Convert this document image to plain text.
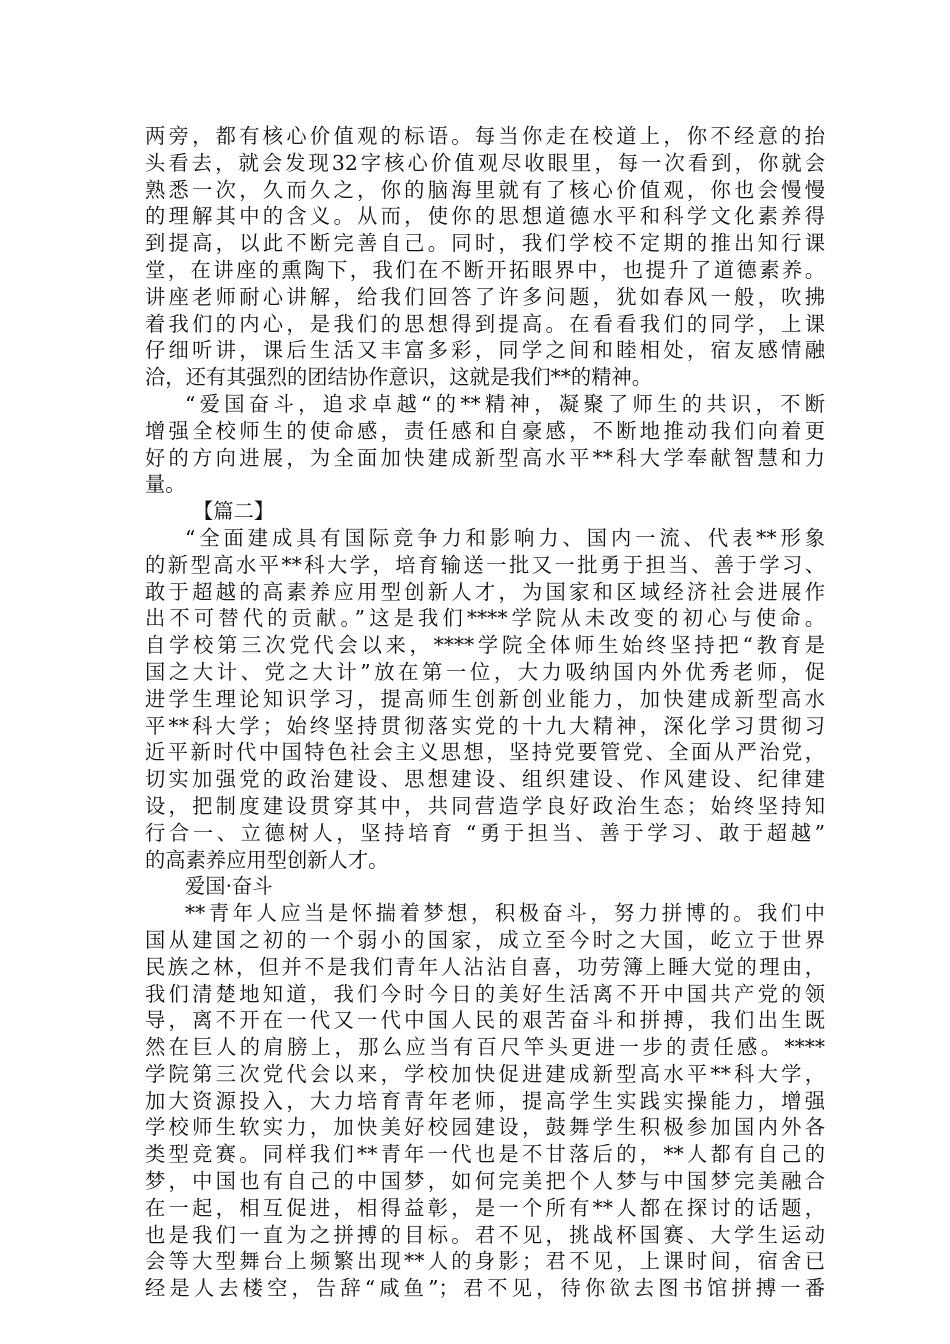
两旁，都有核心价值观的标语。每当你走在校道上，你不经意的抬
头看去，就会发现32字核心价值观尽收眼里，每一次看到，你就会
熟悉一次，久而久之，你的脑海里就有了核心价值观，你也会慢慢
的理解其中的含义。从而，使你的思想道德水平和科学文化素养得
到提高，以此不断完善自己。同时，我们学校不定期的推出知行课
堂，在讲座的熏陶下，我们在不断开拓眼界中，也提升了道德素养。
讲座老师耐心讲解，给我们回答了许多问题，犹如春风一般，吹拂
着我们的内心，是我们的思想得到提高。在看看我们的同学，上课
仔细听讲，课后生活又丰富多彩，同学之间和睦相处，宿友感情融
洽，还有其强烈的团结协作意识，这就是我们**的精神。
“爱国奋斗，追求卓越“的**精神，凝聚了师生的共识，不断
增强全校师生的使命感，责任感和自豪感，不断地推动我们向着更
好的方向进展，为全面加快建成新型高水平**科大学奉献智慧和力
量。
【篇二】
“全面建成具有国际竞争力和影响力、国内一流、代表**形象
的新型高水平**科大学，培育输送一批又一批勇于担当、善于学习、
敢于超越的高素养应用型创新人才，为国家和区域经济社会进展作
出不可替代的贡献。”这是我们****学院从未改变的初心与使命。
自学校第三次党代会以来，****学院全体师生始终坚持把“教育是
国之大计、党之大计”放在第一位，大力吸纳国内外优秀老师，促
进学生理论知识学习，提高师生创新创业能力，加快建成新型高水
平**科大学；始终坚持贯彻落实党的十九大精神，深化学习贯彻习
近平新时代中国特色社会主义思想，坚持党要管党、全面从严治党，
切实加强党的政治建设、思想建设、组织建设、作风建设、纪律建
设，把制度建设贯穿其中，共同营造学良好政治生态；始终坚持知
行合一、立德树人，坚持培育 “勇于担当、善于学习、敢于超越”
的高素养应用型创新人才。
爱国·奋斗
**青年人应当是怀揣着梦想，积极奋斗，努力拼博的。我们中
国从建国之初的一个弱小的国家，成立至今时之大国，屹立于世界
民族之林，但并不是我们青年人沾沾自喜，功劳簿上睡大觉的理由，
我们清楚地知道，我们今时今日的美好生活离不开中国共产党的领
导，离不开在一代又一代中国人民的艰苦奋斗和拼搏，我们出生既
然在巨人的肩膀上，那么应当有百尺竿头更进一步的责任感。****
学院第三次党代会以来，学校加快促进建成新型高水平**科大学，
加大资源投入，大力培育青年老师，提高学生实践实操能力，增强
学校师生软实力，加快美好校园建设，鼓舞学生积极参加国内外各
类型竞赛。同样我们**青年一代也是不甘落后的，**人都有自己的
梦，中国也有自己的中国梦，如何完美把个人梦与中国梦完美融合
在一起，相互促进，相得益彰，是一个所有**人都在探讨的话题，
也是我们一直为之拼搏的目标。君不见，挑战杯国赛、大学生运动
会等大型舞台上频繁出现**人的身影；君不见，上课时间，宿舍已
经是人去楼空，告辞“咸鱼”；君不见，待你欲去图书馆拼搏一番
